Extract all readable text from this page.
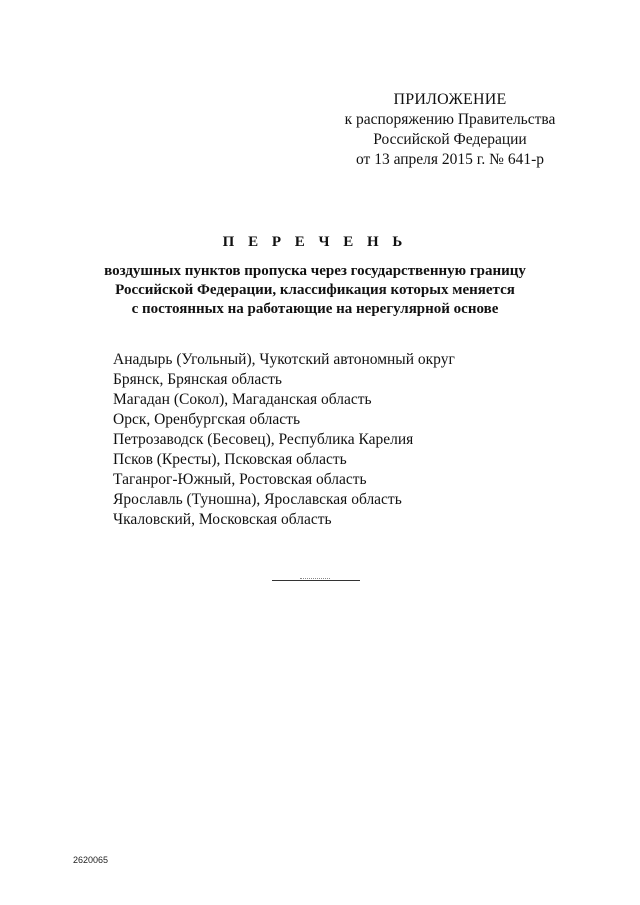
ПРИЛОЖЕНИЕ
к распоряжению Правительства
Российской Федерации
от 13 апреля 2015 г. № 641-р
П Е Р Е Ч Е Н Ь
воздушных пунктов пропуска через государственную границу
Российской Федерации, классификация которых меняется
с постоянных на работающие на нерегулярной основе
Анадырь (Угольный), Чукотский автономный округ
Брянск, Брянская область
Магадан (Сокол), Магаданская область
Орск, Оренбургская область
Петрозаводск (Бесовец), Республика Карелия
Псков (Кресты), Псковская область
Таганрог-Южный, Ростовская область
Ярославль (Туношна), Ярославская область
Чкаловский, Московская область
2620065
